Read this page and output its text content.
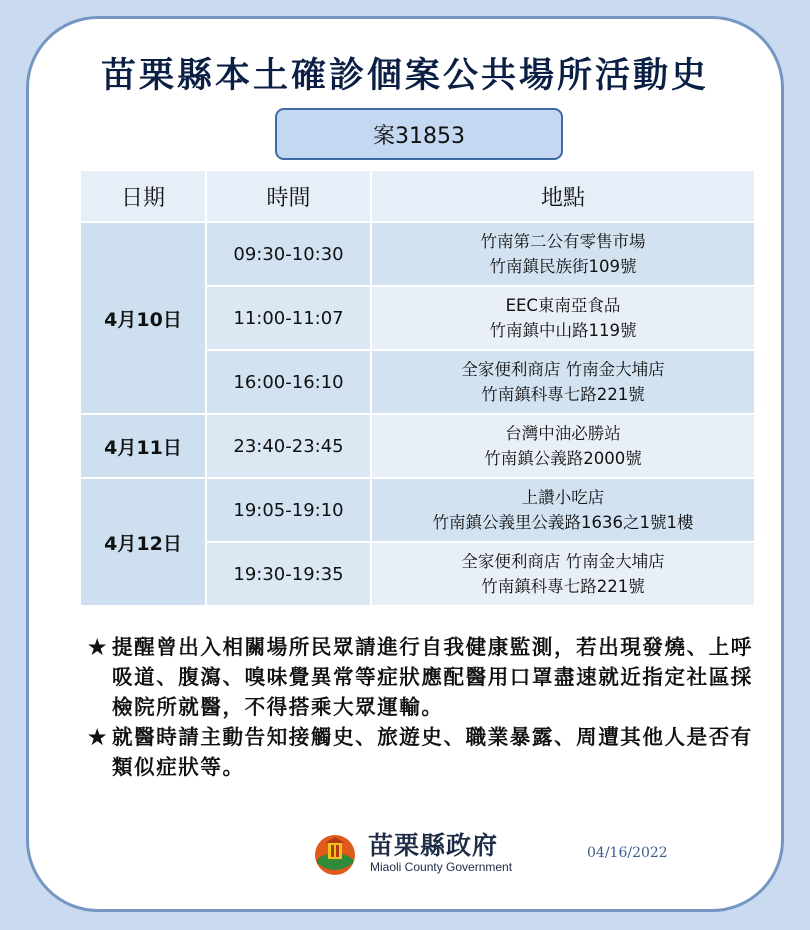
苗栗縣本土確診個案公共場所活動史
案31853
日期	時間	地點
4月10日	09:30-10:30	竹南第二公有零售市場
竹南鎮民族街109號

	11:00-11:07	EEC東南亞食品
竹南鎮中山路119號

	16:00-16:10	全家便利商店 竹南金大埔店
竹南鎮科專七路221號

4月11日	23:40-23:45	台灣中油必勝站
竹南鎮公義路2000號

4月12日	19:05-19:10	上讚小吃店
竹南鎮公義里公義路1636之1號1樓

	19:30-19:35	全家便利商店 竹南金大埔店
竹南鎮科專七路221號
★ 提醒曾出入相關場所民眾請進行自我健康監測，若出現發燒、上呼吸道、腹瀉、嗅味覺異常等症狀應配醫用口罩盡速就近指定社區採檢院所就醫，不得搭乘大眾運輸。
★ 就醫時請主動告知接觸史、旅遊史、職業暴露、周遭其他人是否有類似症狀等。
苗栗縣政府
Miaoli County Government
04/16/2022
